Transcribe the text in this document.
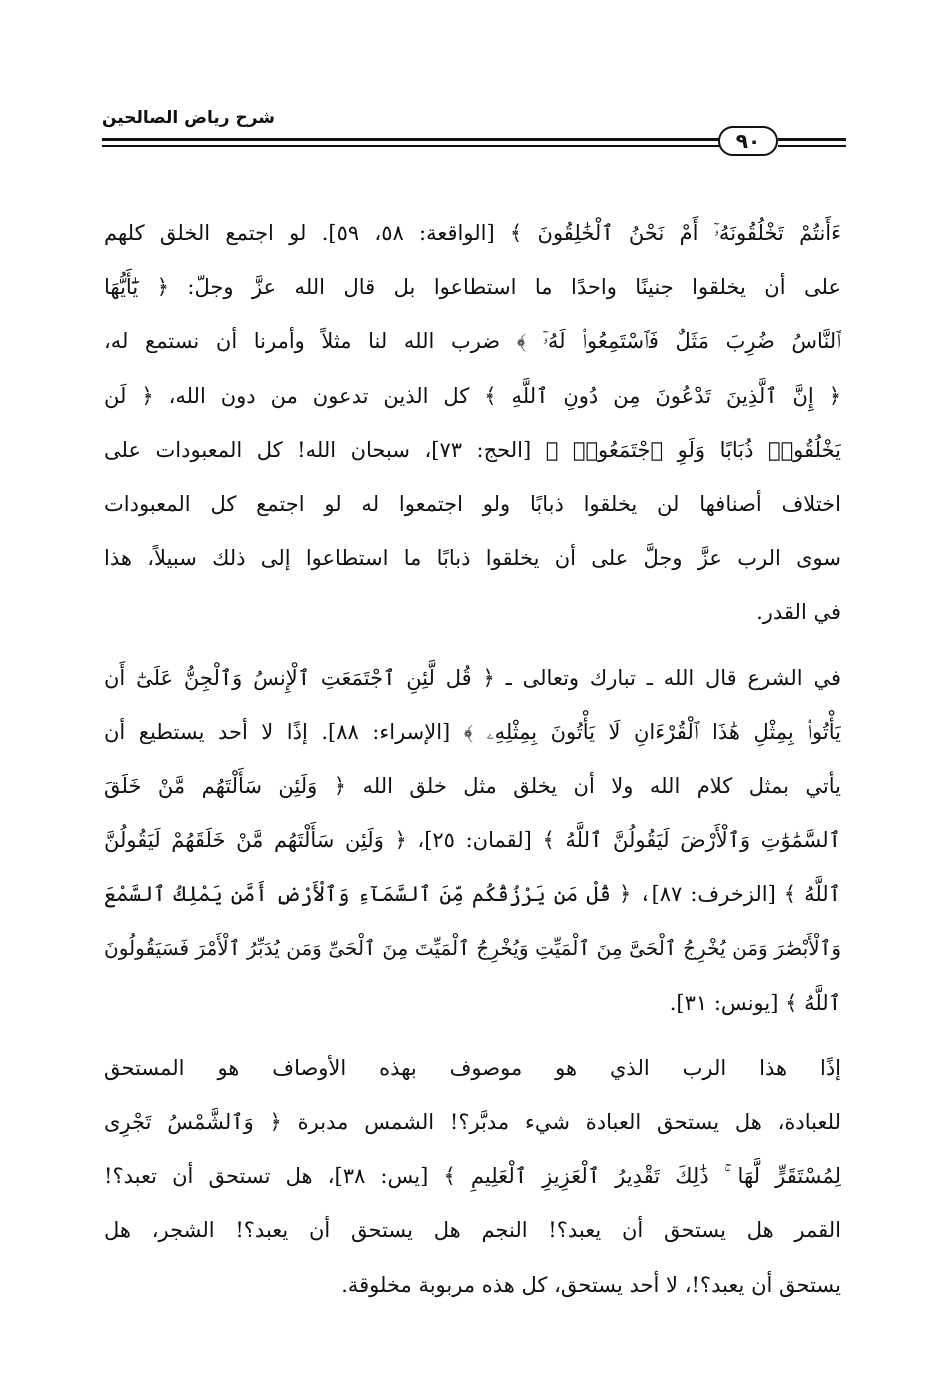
شرح رياض الصالحين
٩٠
ءَأَنتُمْ تَخْلُقُونَهُۥٓ أَمْ نَحْنُ ٱلْخَٰلِقُونَ ﴾ [الواقعة: ٥٨، ٥٩]. لو اجتمع الخلق كلهم
على أن يخلقوا جنينًا واحدًا ما استطاعوا بل قال الله عزَّ وجلّ: ﴿ يَٰٓأَيُّهَا
ٱلنَّاسُ ضُرِبَ مَثَلٌ فَٱسْتَمِعُوا۟ لَهُۥٓ ﴾ ضرب الله لنا مثلاً وأمرنا أن نستمع له،
﴿ إِنَّ ٱلَّذِينَ تَدْعُونَ مِن دُونِ ٱللَّهِ ﴾ كل الذين تدعون من دون الله، ﴿ لَن
يَخْلُقُوا۟ ذُبَابًا وَلَوِ ٱجْتَمَعُوا۟ ﴾ [الحج: ٧٣]، سبحان الله! كل المعبودات على
اختلاف أصنافها لن يخلقوا ذبابًا ولو اجتمعوا له لو اجتمع كل المعبودات
سوى الرب عزَّ وجلَّ على أن يخلقوا ذبابًا ما استطاعوا إلى ذلك سبيلاً، هذا
في القدر.
في الشرع قال الله ـ تبارك وتعالى ـ ﴿ قُل لَّئِنِ ٱجْتَمَعَتِ ٱلْإِنسُ وَٱلْجِنُّ عَلَىٰٓ أَن
يَأْتُوا۟ بِمِثْلِ هَٰذَا ٱلْقُرْءَانِ لَا يَأْتُونَ بِمِثْلِهِۦ ﴾ [الإسراء: ٨٨]. إذًا لا أحد يستطيع أن
يأتي بمثل كلام الله ولا أن يخلق مثل خلق الله ﴿ وَلَئِن سَأَلْتَهُم مَّنْ خَلَقَ
ٱلسَّمَٰوَٰتِ وَٱلْأَرْضَ لَيَقُولُنَّ ٱللَّهُ ﴾ [لقمان: ٢٥]، ﴿ وَلَئِن سَأَلْتَهُم مَّنْ خَلَقَهُمْ لَيَقُولُنَّ
ٱللَّهُ ﴾ [الزخرف: ٨٧]، ﴿ قُلْ مَن يَرْزُقُكُم مِّنَ ٱلسَّمَآءِ وَٱلْأَرْضِ أَمَّن يَمْلِكُ ٱلسَّمْعَ
وَٱلْأَبْصَٰرَ وَمَن يُخْرِجُ ٱلْحَىَّ مِنَ ٱلْمَيِّتِ وَيُخْرِجُ ٱلْمَيِّتَ مِنَ ٱلْحَىِّ وَمَن يُدَبِّرُ ٱلْأَمْرَ فَسَيَقُولُونَ
ٱللَّهُ ﴾ [يونس: ٣١].
إذًا هذا الرب الذي هو موصوف بهذه الأوصاف هو المستحق
للعبادة، هل يستحق العبادة شيء مدبَّر؟! الشمس مدبرة ﴿ وَٱلشَّمْسُ تَجْرِى
لِمُسْتَقَرٍّ لَّهَا ۚ ذَٰلِكَ تَقْدِيرُ ٱلْعَزِيزِ ٱلْعَلِيمِ ﴾ [يس: ٣٨]، هل تستحق أن تعبد؟!
القمر هل يستحق أن يعبد؟! النجم هل يستحق أن يعبد؟! الشجر، هل
يستحق أن يعبد؟!، لا أحد يستحق، كل هذه مربوبة مخلوقة.
